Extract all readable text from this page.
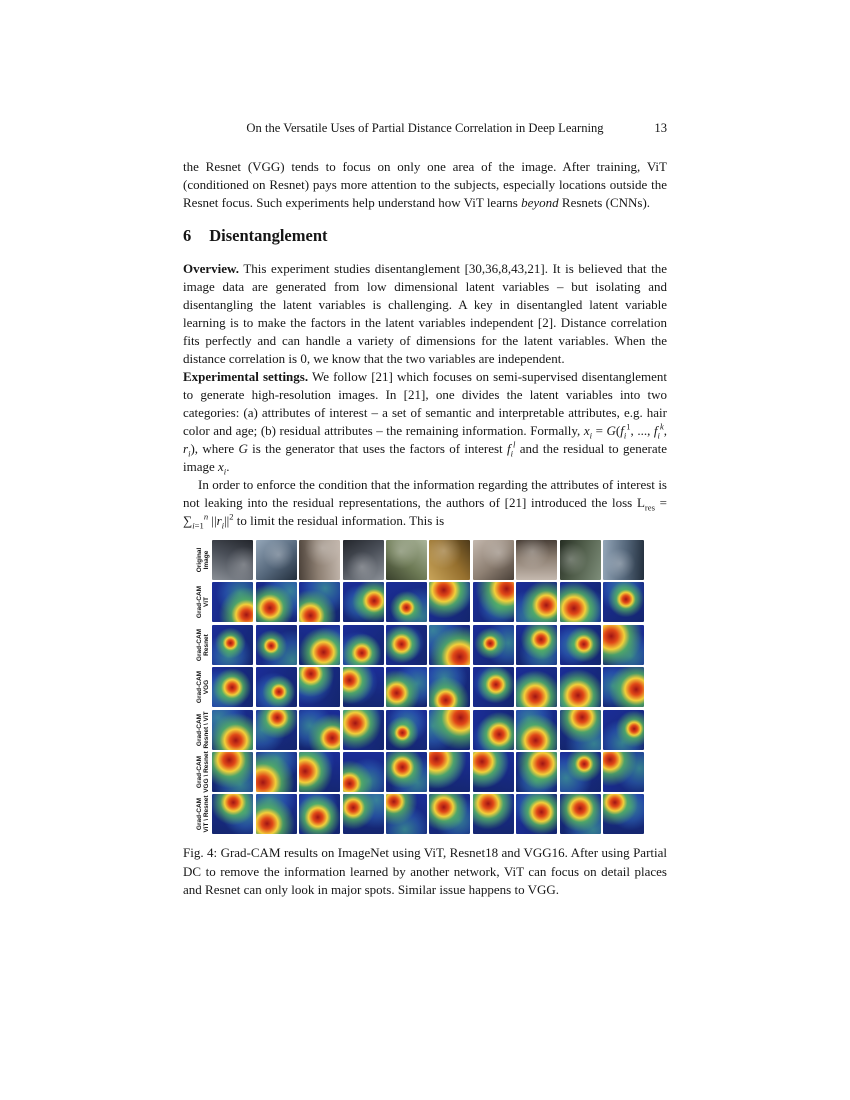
On the Versatile Uses of Partial Distance Correlation in Deep Learning	13

the Resnet (VGG) tends to focus on only one area of the image. After training, ViT (conditioned on Resnet) pays more attention to the subjects, especially locations outside the Resnet focus. Such experiments help understand how ViT learns beyond Resnets (CNNs).

6 Disentanglement

Overview. This experiment studies disentanglement [30,36,8,43,21]. It is believed that the image data are generated from low dimensional latent variables – but isolating and disentangling the latent variables is challenging. A key in disentangled latent variable learning is to make the factors in the latent variables independent [2]. Distance correlation fits perfectly and can handle a variety of dimensions for the latent variables. When the distance correlation is 0, we know that the two variables are independent.

Experimental settings. We follow [21] which focuses on semi-supervised disentanglement to generate high-resolution images. In [21], one divides the latent variables into two categories: (a) attributes of interest – a set of semantic and interpretable attributes, e.g. hair color and age; (b) residual attributes – the remaining information. Formally, $x_i = G(f_i^1$, ..., $f_i^k$, $r_i$), where G is the generator that uses the factors of interest $f_i^l$ and the residual to generate image $x_i$.

In order to enforce the condition that the information regarding the attributes of interest is not leaking into the residual representations, the authors of [21] introduced the loss $L_{res} = \sum_{i=1}^n$ $||r_i||^2$ to limit the residual information. This is

Original Image
Grad-CAM ViT
Grad-CAM Resnet
Grad-CAM VGG
Grad-CAM Resnet \ ViT
Grad-CAM VGG \ Resnet
Grad-CAM ViT \ Resnet
Fig. 4: Grad-CAM results on ImageNet using ViT, Resnet18 and VGG16. After using Partial DC to remove the information learned by another network, ViT can focus on detail places and Resnet can only look in major spots. Similar issue happens to VGG.
